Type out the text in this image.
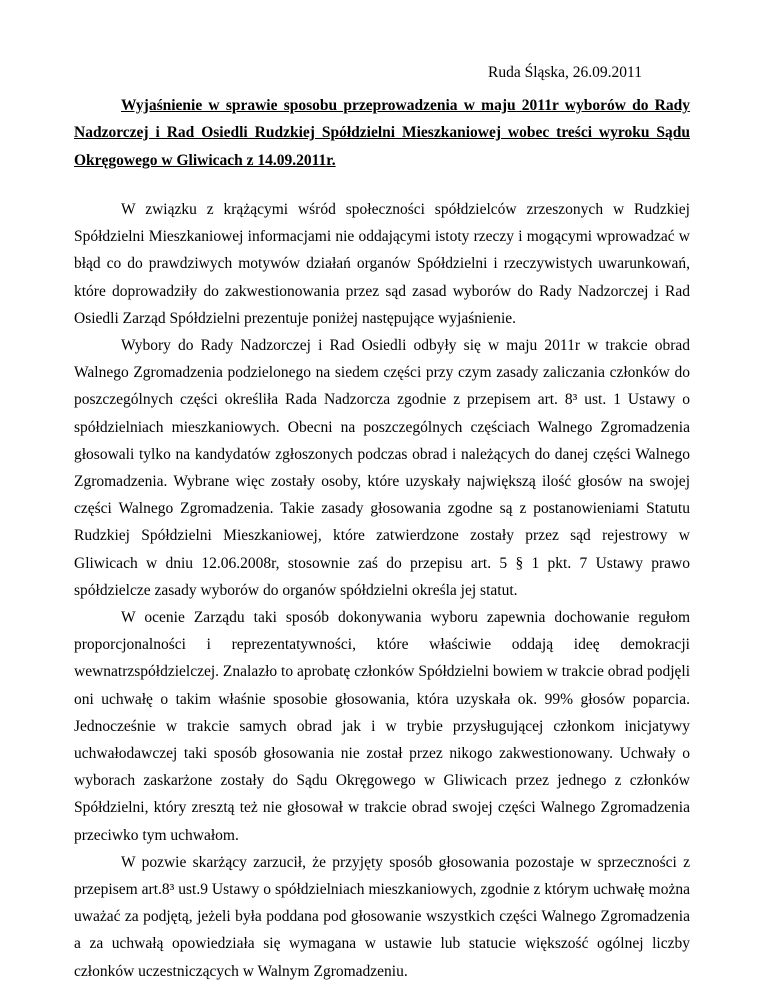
Ruda Śląska, 26.09.2011

Wyjaśnienie w sprawie sposobu przeprowadzenia w maju 2011r wyborów do Rady Nadzorczej i Rad Osiedli Rudzkiej Spółdzielni Mieszkaniowej wobec treści wyroku Sądu Okręgowego w Gliwicach z 14.09.2011r.

W związku z krążącymi wśród społeczności spółdzielców zrzeszonych w Rudzkiej Spółdzielni Mieszkaniowej informacjami nie oddającymi istoty rzeczy i mogącymi wprowadzać w błąd co do prawdziwych motywów działań organów Spółdzielni i rzeczywistych uwarunkowań, które doprowadziły do zakwestionowania przez sąd zasad wyborów do Rady Nadzorczej i Rad Osiedli Zarząd Spółdzielni prezentuje poniżej następujące wyjaśnienie.

Wybory do Rady Nadzorczej i Rad Osiedli odbyły się w maju 2011r w trakcie obrad Walnego Zgromadzenia podzielonego na siedem części przy czym zasady zaliczania członków do poszczególnych części określiła Rada Nadzorcza zgodnie z przepisem art. 8³ ust. 1 Ustawy o spółdzielniach mieszkaniowych. Obecni na poszczególnych częściach Walnego Zgromadzenia głosowali tylko na kandydatów zgłoszonych podczas obrad i należących do danej części Walnego Zgromadzenia. Wybrane więc zostały osoby, które uzyskały największą ilość głosów na swojej części Walnego Zgromadzenia. Takie zasady głosowania zgodne są z postanowieniami Statutu Rudzkiej Spółdzielni Mieszkaniowej, które zatwierdzone zostały przez sąd rejestrowy w Gliwicach w dniu 12.06.2008r, stosownie zaś do przepisu art. 5 § 1 pkt. 7 Ustawy prawo spółdzielcze zasady wyborów do organów spółdzielni określa jej statut.

W ocenie Zarządu taki sposób dokonywania wyboru zapewnia dochowanie regułom proporcjonalności i reprezentatywności, które właściwie oddają ideę demokracji wewnatrzspółdzielczej. Znalazło to aprobatę członków Spółdzielni bowiem w trakcie obrad podjęli oni uchwałę o takim właśnie sposobie głosowania, która uzyskała ok. 99% głosów poparcia. Jednocześnie w trakcie samych obrad jak i w trybie przysługującej członkom inicjatywy uchwałodawczej taki sposób głosowania nie został przez nikogo zakwestionowany. Uchwały o wyborach zaskarżone zostały do Sądu Okręgowego w Gliwicach przez jednego z członków Spółdzielni, który zresztą też nie głosował w trakcie obrad swojej części Walnego Zgromadzenia przeciwko tym uchwałom.

W pozwie skarżący zarzucił, że przyjęty sposób głosowania pozostaje w sprzeczności z przepisem art.8³ ust.9 Ustawy o spółdzielniach mieszkaniowych, zgodnie z którym uchwałę można uważać za podjętą, jeżeli była poddana pod głosowanie wszystkich części Walnego Zgromadzenia a za uchwałą opowiedziała się wymagana w ustawie lub statucie większość ogólnej liczby członków uczestniczących w Walnym Zgromadzeniu.
